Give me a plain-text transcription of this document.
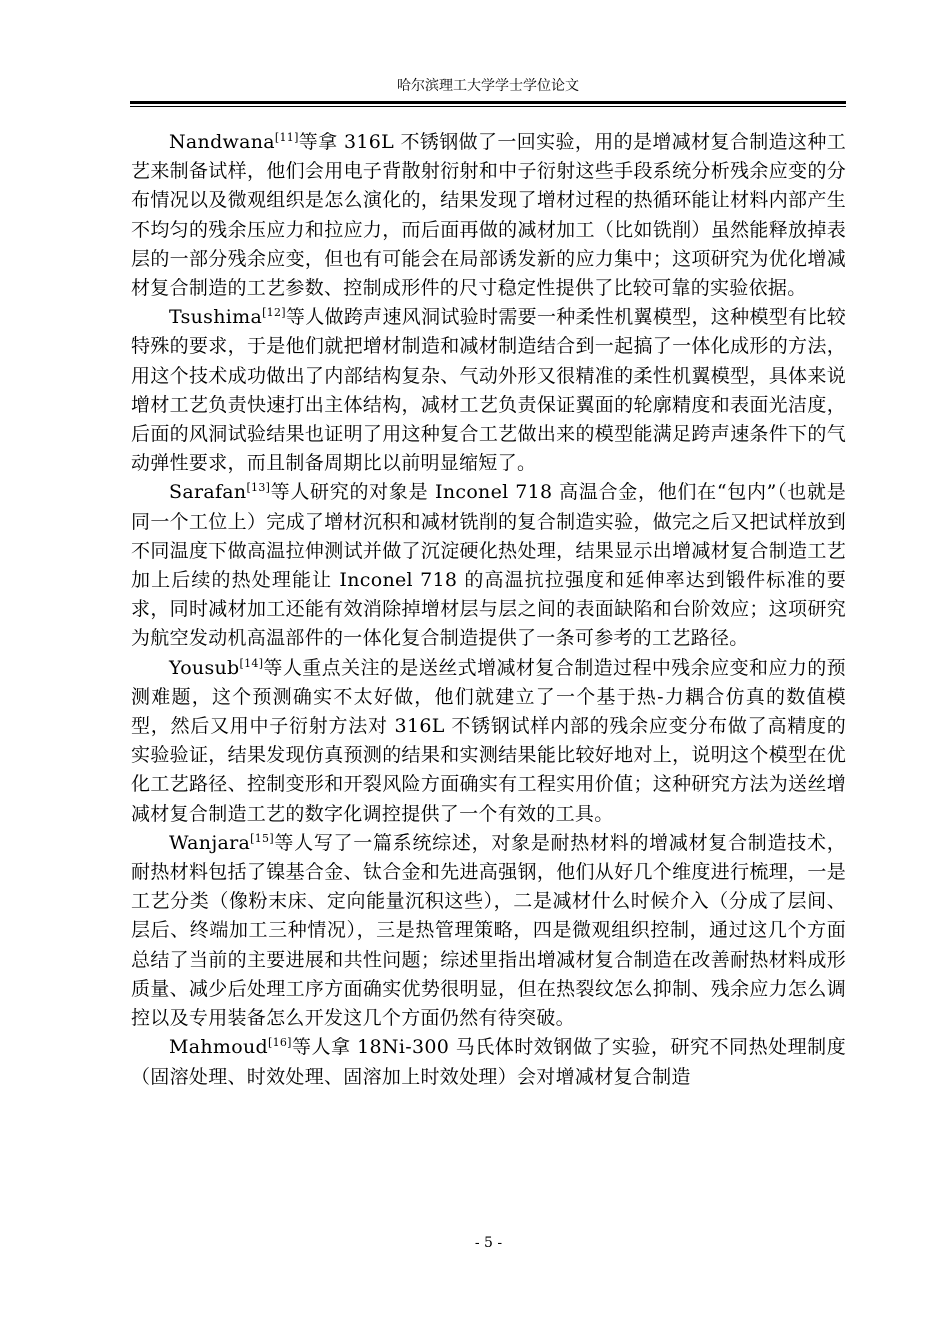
哈尔滨理工大学学士学位论文

Nandwana[11]等拿 316L 不锈钢做了一回实验，用的是增减材复合制造这种工艺来制备试样，他们会用电子背散射衍射和中子衍射这些手段系统分析残余应变的分布情况以及微观组织是怎么演化的，结果发现了增材过程的热循环能让材料内部产生不均匀的残余压应力和拉应力，而后面再做的减材加工（比如铣削）虽然能释放掉表层的一部分残余应变，但也有可能会在局部诱发新的应力集中；这项研究为优化增减材复合制造的工艺参数、控制成形件的尺寸稳定性提供了比较可靠的实验依据。

Tsushima[12]等人做跨声速风洞试验时需要一种柔性机翼模型，这种模型有比较特殊的要求，于是他们就把增材制造和减材制造结合到一起搞了一体化成形的方法，用这个技术成功做出了内部结构复杂、气动外形又很精准的柔性机翼模型，具体来说增材工艺负责快速打出主体结构，减材工艺负责保证翼面的轮廓精度和表面光洁度，后面的风洞试验结果也证明了用这种复合工艺做出来的模型能满足跨声速条件下的气动弹性要求，而且制备周期比以前明显缩短了。

Sarafan[13]等人研究的对象是 Inconel 718 高温合金，他们在“包内”（也就是同一个工位上）完成了增材沉积和减材铣削的复合制造实验，做完之后又把试样放到不同温度下做高温拉伸测试并做了沉淀硬化热处理，结果显示出增减材复合制造工艺加上后续的热处理能让 Inconel 718 的高温抗拉强度和延伸率达到锻件标准的要求，同时减材加工还能有效消除掉增材层与层之间的表面缺陷和台阶效应；这项研究为航空发动机高温部件的一体化复合制造提供了一条可参考的工艺路径。

Yousub[14]等人重点关注的是送丝式增减材复合制造过程中残余应变和应力的预测难题，这个预测确实不太好做，他们就建立了一个基于热-力耦合仿真的数值模型，然后又用中子衍射方法对 316L 不锈钢试样内部的残余应变分布做了高精度的实验验证，结果发现仿真预测的结果和实测结果能比较好地对上，说明这个模型在优化工艺路径、控制变形和开裂风险方面确实有工程实用价值；这种研究方法为送丝增减材复合制造工艺的数字化调控提供了一个有效的工具。

Wanjara[15]等人写了一篇系统综述，对象是耐热材料的增减材复合制造技术，耐热材料包括了镍基合金、钛合金和先进高强钢，他们从好几个维度进行梳理，一是工艺分类（像粉末床、定向能量沉积这些），二是减材什么时候介入（分成了层间、层后、终端加工三种情况），三是热管理策略，四是微观组织控制，通过这几个方面总结了当前的主要进展和共性问题；综述里指出增减材复合制造在改善耐热材料成形质量、减少后处理工序方面确实优势很明显，但在热裂纹怎么抑制、残余应力怎么调控以及专用装备怎么开发这几个方面仍然有待突破。

Mahmoud[16]等人拿 18Ni-300 马氏体时效钢做了实验，研究不同热处理制度（固溶处理、时效处理、固溶加上时效处理）会对增减材复合制造

- 5 -
